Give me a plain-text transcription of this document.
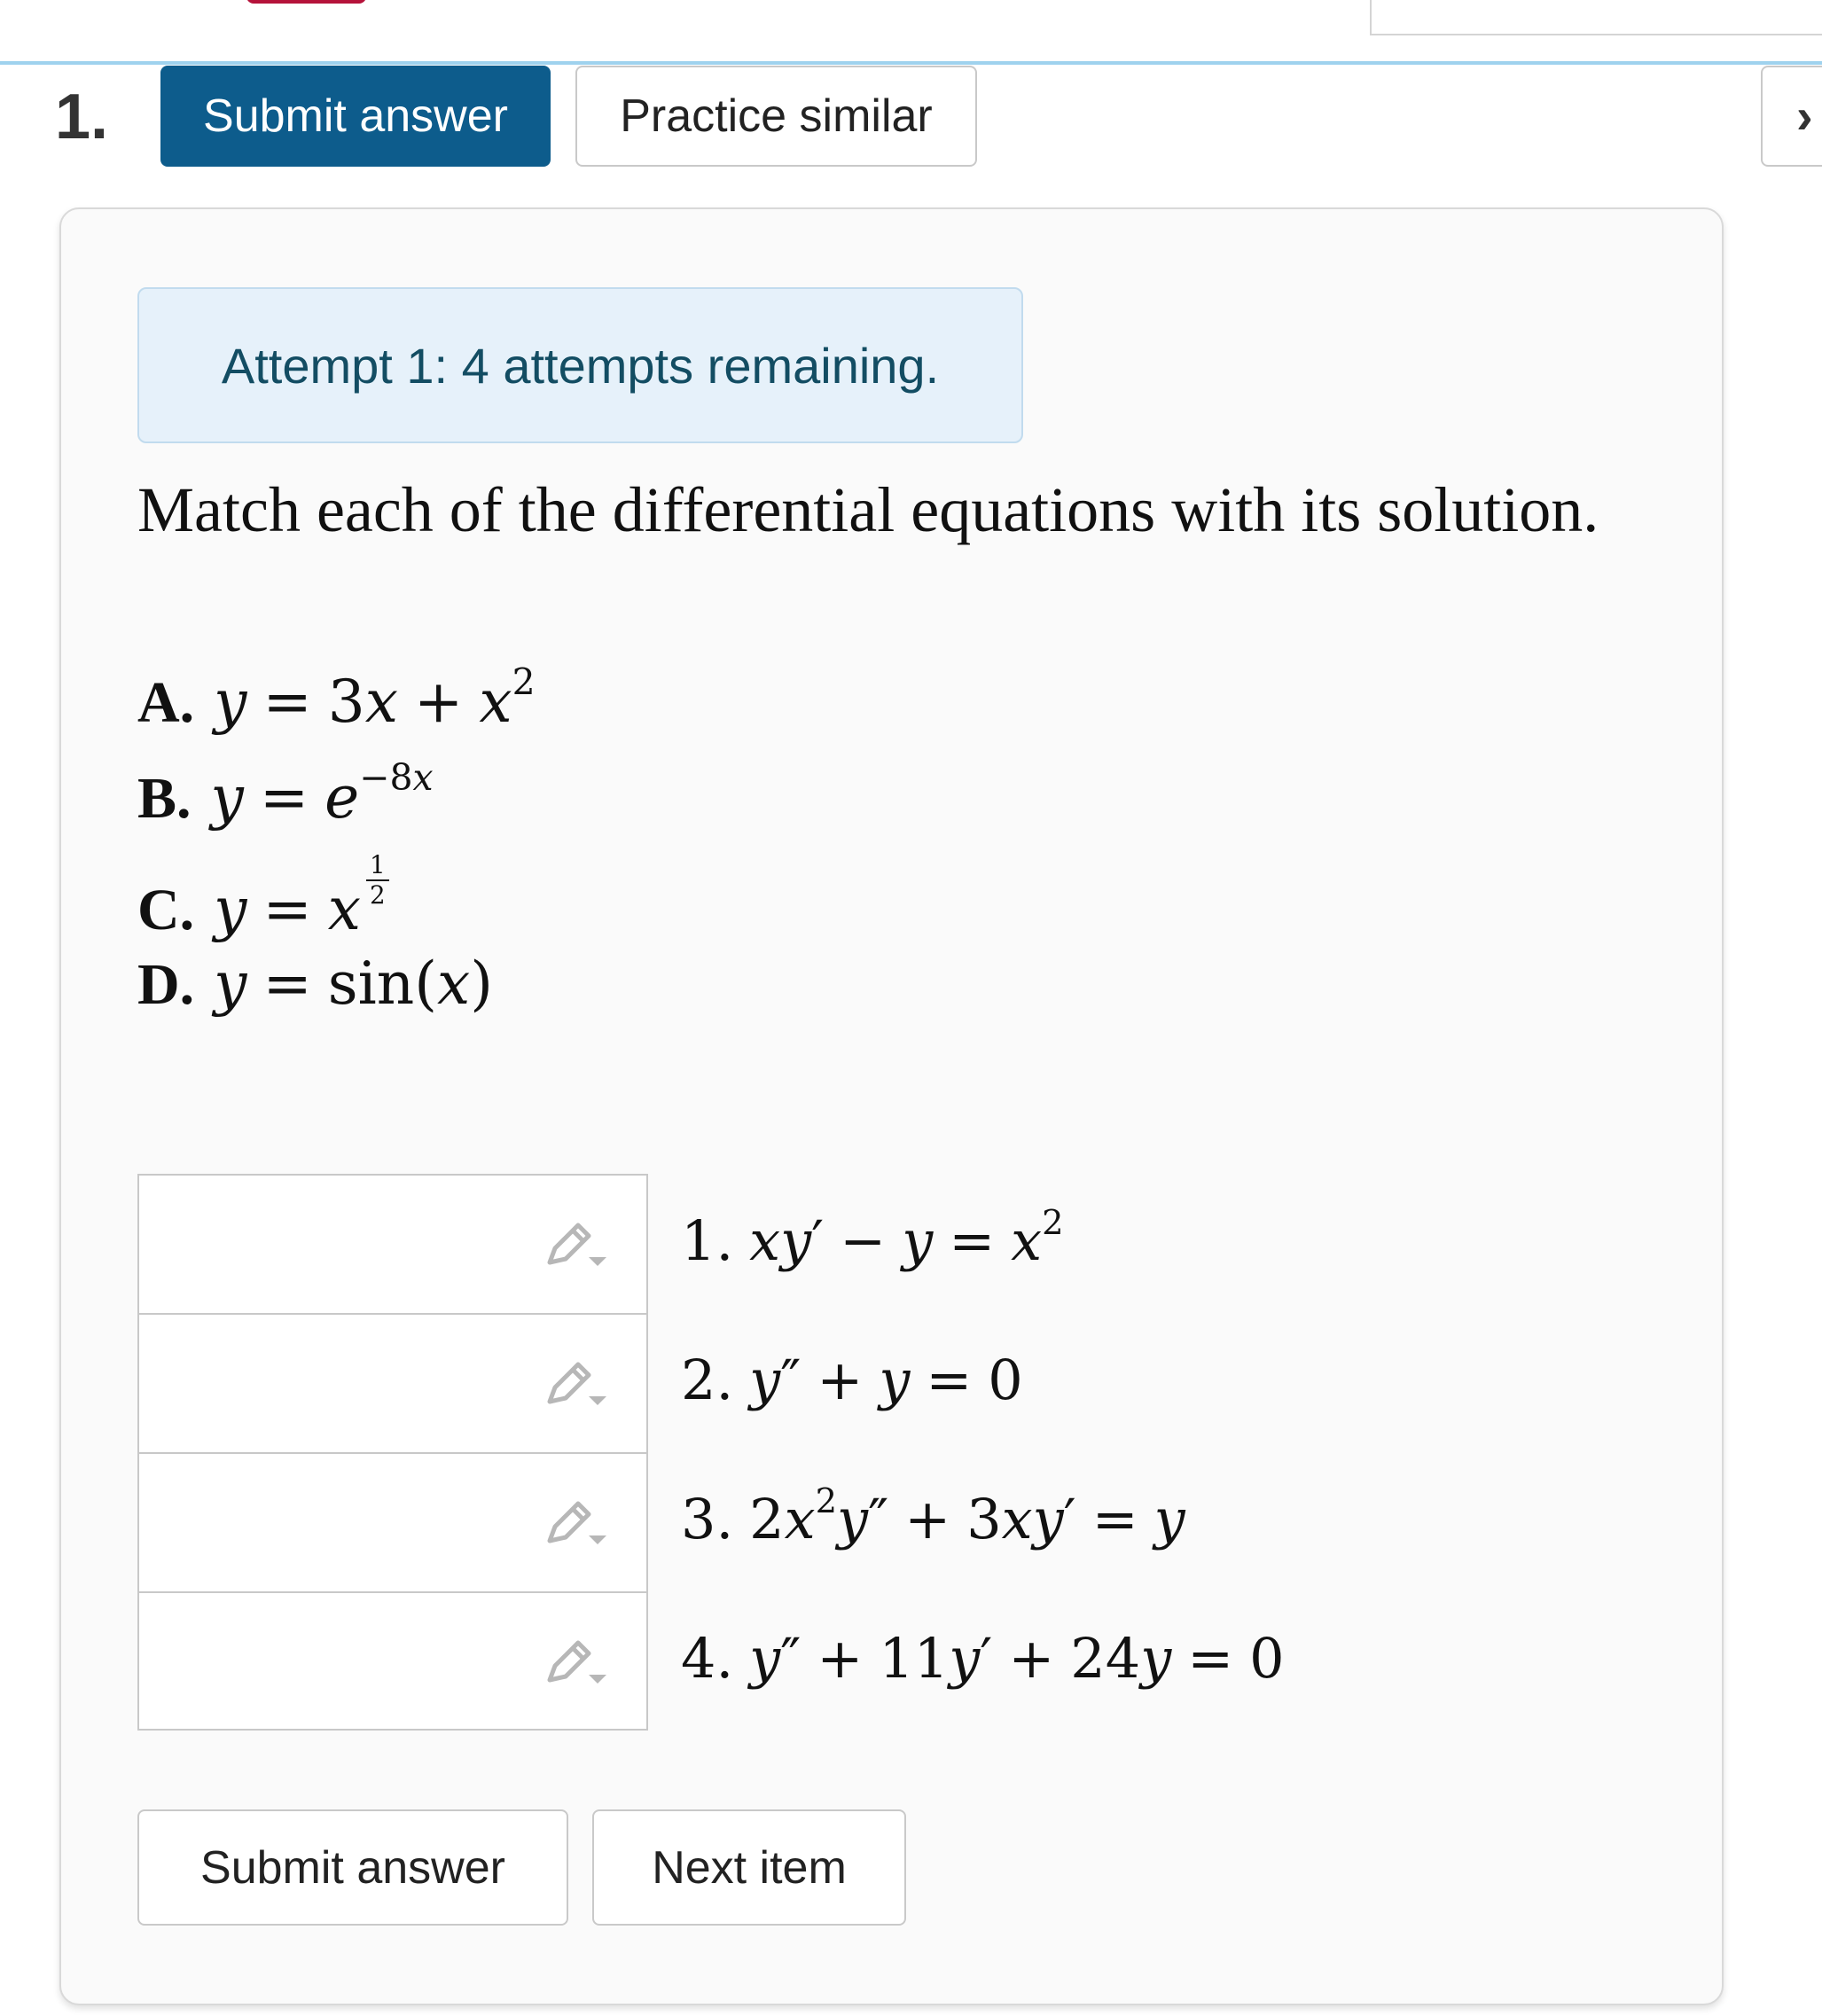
1.	Submit answer	Practice similar	›
Attempt 1: 4 attempts remaining.
Match each of the differential equations with its solution.
A. $y = 3x + x^2$
B. $y = e^{-8x}$
C. y = x $\frac{1}{2}$
D. y = sin(x)
1. $xy' - y = x^2$
2. y″ + y = 0
3. $2x^2y'' + 3xy' = y$
4. y″ + 11y′ + 24y = 0
Submit answer	Next item
